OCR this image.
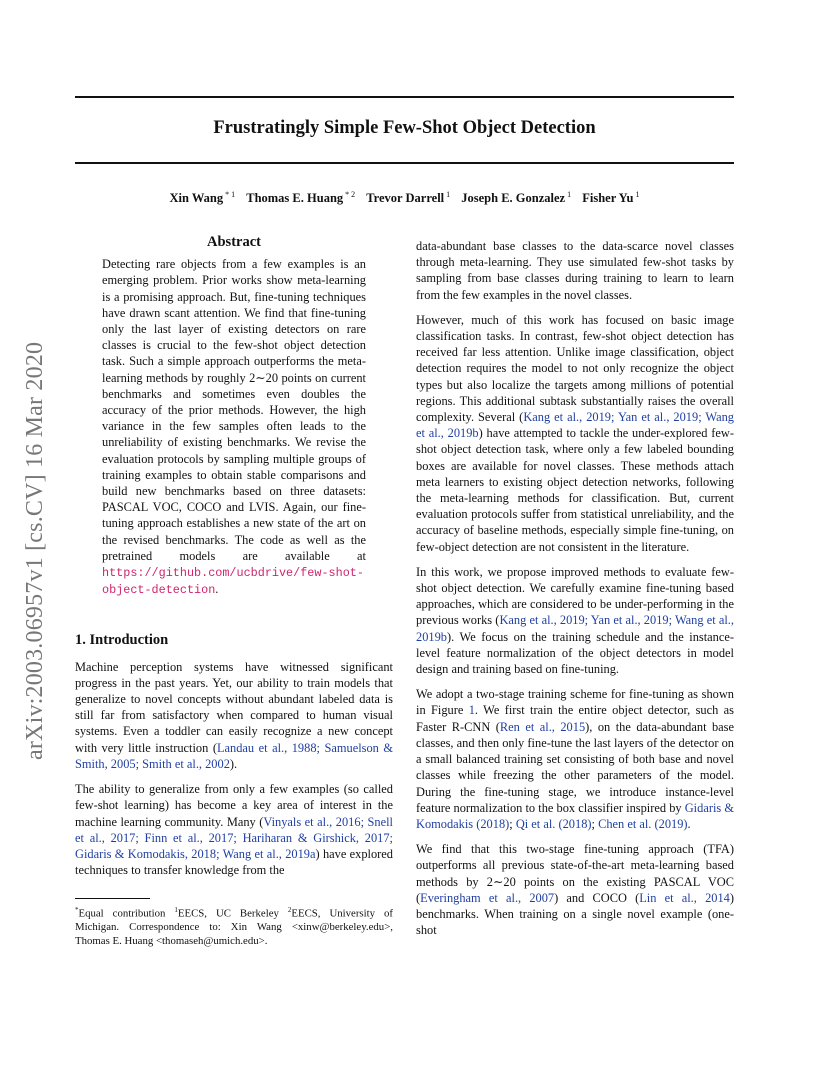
Frustratingly Simple Few-Shot Object Detection
Xin Wang $^{* 1}$ Thomas E. Huang $^{* 2}$ Trevor Darrell $^1$ Joseph E. Gonzalez $^1$ Fisher Yu $^1$
arXiv:2003.06957v1 [cs.CV] 16 Mar 2020
Abstract
Detecting rare objects from a few examples is an emerging problem. Prior works show meta-learning is a promising approach. But, fine-tuning techniques have drawn scant attention. We find that fine-tuning only the last layer of existing detectors on rare classes is crucial to the few-shot object detection task. Such a simple approach outperforms the meta-learning methods by roughly 2∼20 points on current benchmarks and sometimes even doubles the accuracy of the prior methods. However, the high variance in the few samples often leads to the unreliability of existing benchmarks. We revise the evaluation protocols by sampling multiple groups of training examples to obtain stable comparisons and build new benchmarks based on three datasets: PASCAL VOC, COCO and LVIS. Again, our fine-tuning approach establishes a new state of the art on the revised benchmarks. The code as well as the pretrained models are available at https://github.com/ucbdrive/few-shot-object-detection.
1. Introduction

Machine perception systems have witnessed significant progress in the past years. Yet, our ability to train models that generalize to novel concepts without abundant labeled data is still far from satisfactory when compared to human visual systems. Even a toddler can easily recognize a new concept with very little instruction (Landau et al., 1988; Samuelson & Smith, 2005; Smith et al., 2002).

The ability to generalize from only a few examples (so called few-shot learning) has become a key area of interest in the machine learning community. Many (Vinyals et al., 2016; Snell et al., 2017; Finn et al., 2017; Hariharan & Girshick, 2017; Gidaris & Komodakis, 2018; Wang et al., 2019a) have explored techniques to transfer knowledge from the

*Equal contribution $^1$EECS, UC Berkeley $^2$EECS, University of Michigan. Correspondence to: Xin Wang <xinw@berkeley.edu>, Thomas E. Huang <thomaseh@umich.edu>.

data-abundant base classes to the data-scarce novel classes through meta-learning. They use simulated few-shot tasks by sampling from base classes during training to learn to learn from the few examples in the novel classes.

However, much of this work has focused on basic image classification tasks. In contrast, few-shot object detection has received far less attention. Unlike image classification, object detection requires the model to not only recognize the object types but also localize the targets among millions of potential regions. This additional subtask substantially raises the overall complexity. Several (Kang et al., 2019; Yan et al., 2019; Wang et al., 2019b) have attempted to tackle the under-explored few-shot object detection task, where only a few labeled bounding boxes are available for novel classes. These methods attach meta learners to existing object detection networks, following the meta-learning methods for classification. But, current evaluation protocols suffer from statistical unreliability, and the accuracy of baseline methods, especially simple fine-tuning, on few-object detection are not consistent in the literature.

In this work, we propose improved methods to evaluate few-shot object detection. We carefully examine fine-tuning based approaches, which are considered to be under-performing in the previous works (Kang et al., 2019; Yan et al., 2019; Wang et al., 2019b). We focus on the training schedule and the instance-level feature normalization of the object detectors in model design and training based on fine-tuning.

We adopt a two-stage training scheme for fine-tuning as shown in Figure 1. We first train the entire object detector, such as Faster R-CNN (Ren et al., 2015), on the data-abundant base classes, and then only fine-tune the last layers of the detector on a small balanced training set consisting of both base and novel classes while freezing the other parameters of the model. During the fine-tuning stage, we introduce instance-level feature normalization to the box classifier inspired by Gidaris & Komodakis (2018); Qi et al. (2018); Chen et al. (2019).

We find that this two-stage fine-tuning approach (TFA) outperforms all previous state-of-the-art meta-learning based methods by 2∼20 points on the existing PASCAL VOC (Everingham et al., 2007) and COCO (Lin et al., 2014) benchmarks. When training on a single novel example (one-shot
